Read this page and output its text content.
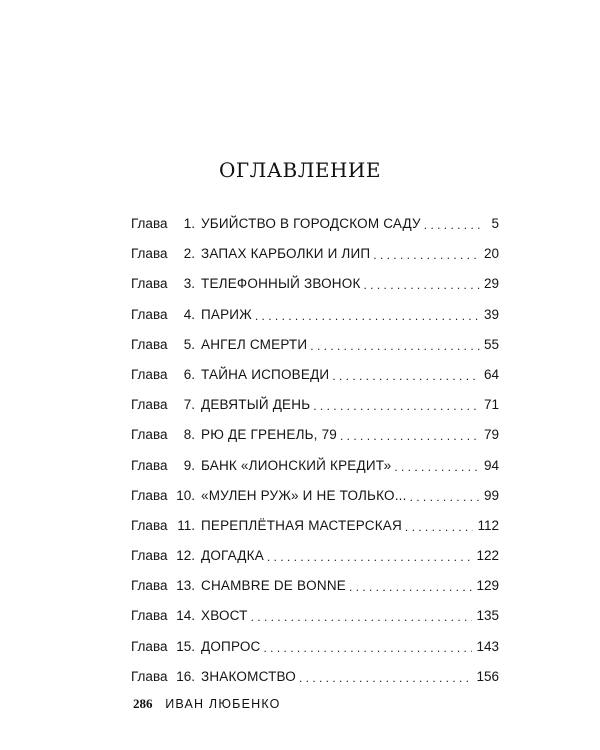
ОГЛАВЛЕНИЕ
Глава	1. УБИЙСТВО В ГОРОДСКОМ САДУ . . .	5
Глава	2. ЗАПАХ КАРБОЛКИ И ЛИП . . .	20
Глава	3. ТЕЛЕФОННЫЙ ЗВОНОК . . .	29
Глава	4. ПАРИЖ . . .	39
Глава	5. АНГЕЛ СМЕРТИ . . .	55
Глава	6. ТАЙНА ИСПОВЕДИ . . .	64
Глава	7. ДЕВЯТЫЙ ДЕНЬ . . .	71
Глава	8. РЮ ДЕ ГРЕНЕЛЬ, 79 . . .	79
Глава	9. БАНК «ЛИОНСКИЙ КРЕДИТ» . . .	94
Глава 10. «МУЛЕН РУЖ» И НЕ ТОЛЬКО... . . .	99
Глава 11. ПЕРЕПЛЁТНАЯ МАСТЕРСКАЯ . . .	112
Глава 12. ДОГАДКА . . .	122
Глава 13. CHAMBRE DE BONNE . . .	129
Глава 14. ХВОСТ . . .	135
Глава 15. ДОПРОС . . .	143
Глава 16. ЗНАКОМСТВО . . .	156
286 ИВАН ЛЮБЕНКО
